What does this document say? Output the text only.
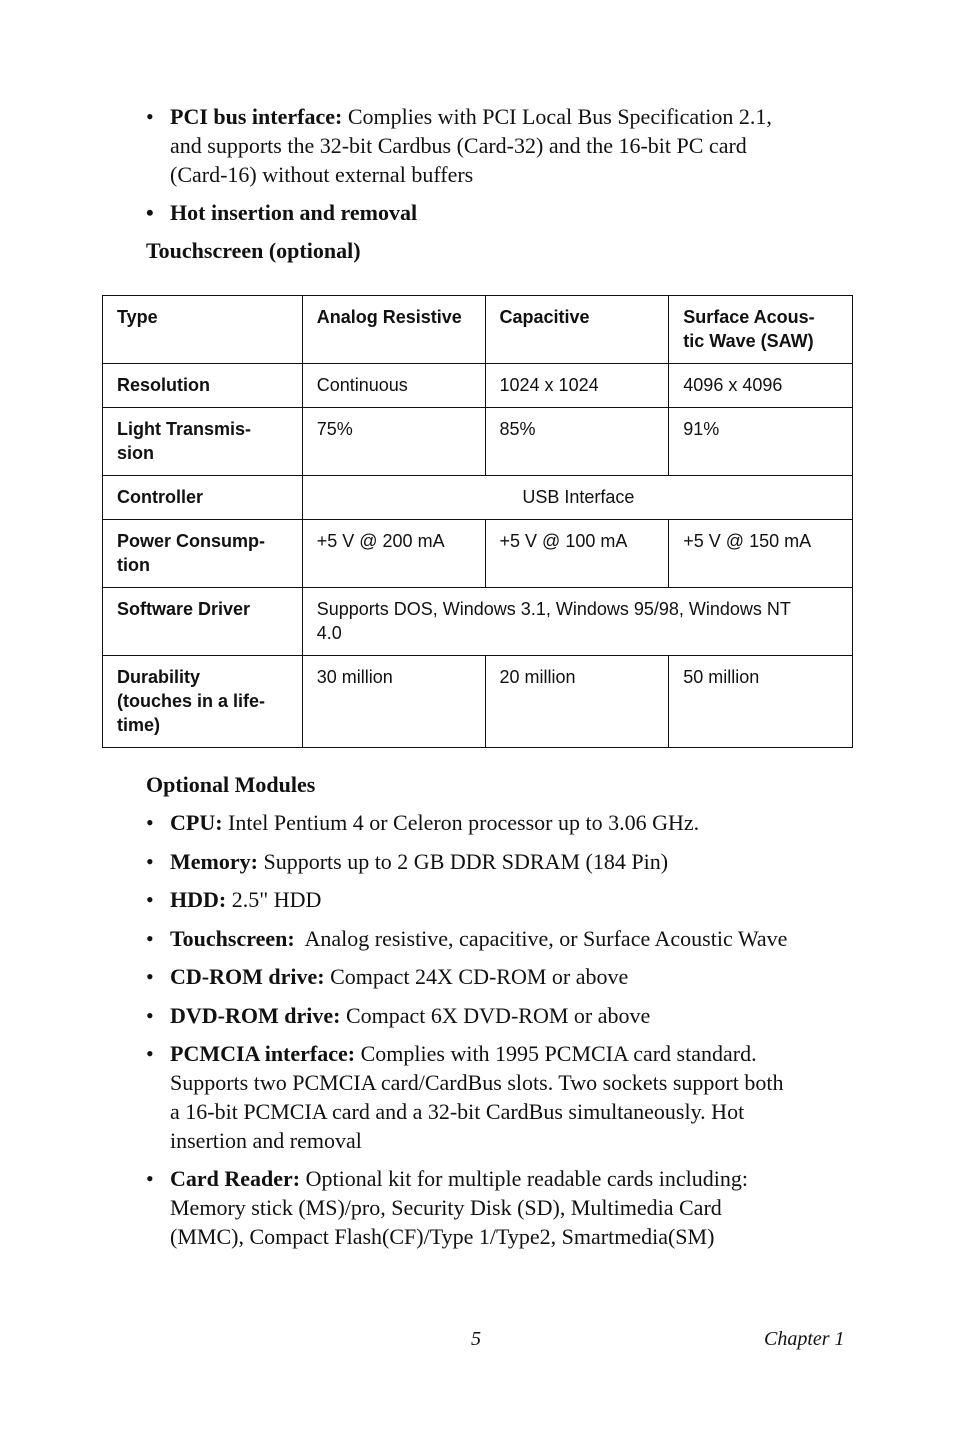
• PCI bus interface: Complies with PCI Local Bus Specification 2.1,
and supports the 32-bit Cardbus (Card-32) and the 16-bit PC card
(Card-16) without external buffers
• Hot insertion and removal
Touchscreen (optional)
Type	Analog Resistive	Capacitive	Surface Acous-
tic Wave (SAW)
Resolution	Continuous	1024 x 1024	4096 x 4096
Light Transmis-
sion	75%	85%	91%
Controller	USB Interface		
Power Consump-
tion	+5 V @ 200 mA	+5 V @ 100 mA	+5 V @ 150 mA
Software Driver	Supports DOS, Windows 3.1, Windows 95/98, Windows NT
4.0		
Durability
(touches in a life-
time)	30 million	20 million	50 million
Optional Modules
• CPU: Intel Pentium 4 or Celeron processor up to 3.06 GHz.
• Memory: Supports up to 2 GB DDR SDRAM (184 Pin)
• HDD: 2.5" HDD
• Touchscreen:  Analog resistive, capacitive, or Surface Acoustic Wave
• CD-ROM drive: Compact 24X CD-ROM or above
• DVD-ROM drive: Compact 6X DVD-ROM or above
• PCMCIA interface: Complies with 1995 PCMCIA card standard.
Supports two PCMCIA card/CardBus slots. Two sockets support both
a 16-bit PCMCIA card and a 32-bit CardBus simultaneously. Hot
insertion and removal
• Card Reader: Optional kit for multiple readable cards including:
Memory stick (MS)/pro, Security Disk (SD), Multimedia Card
(MMC), Compact Flash(CF)/Type 1/Type2, Smartmedia(SM)
5	Chapter 1
